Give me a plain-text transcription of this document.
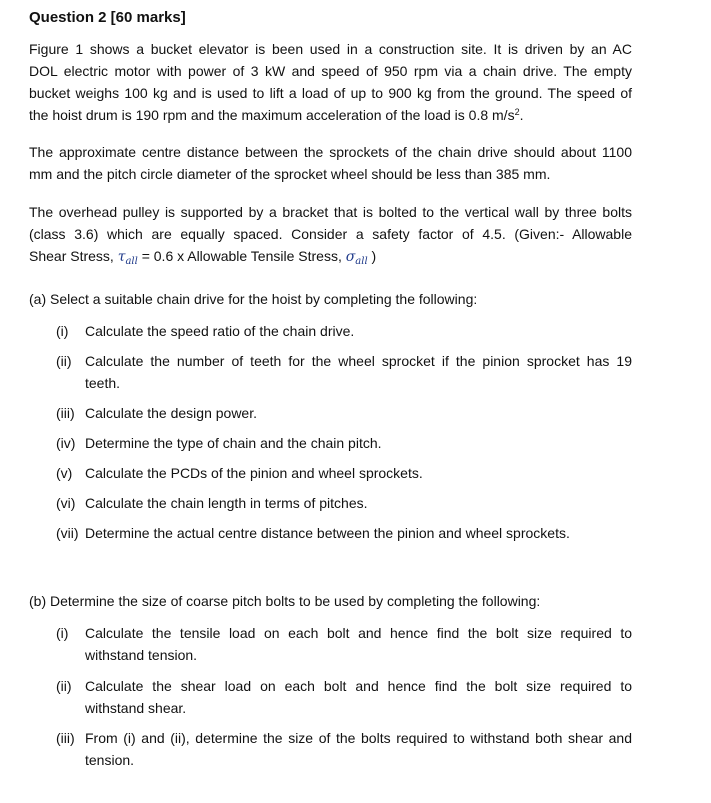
Question 2 [60 marks]
Figure 1 shows a bucket elevator is been used in a construction site. It is driven by an AC
DOL electric motor with power of 3 kW and speed of 950 rpm via a chain drive. The empty
bucket weighs 100 kg and is used to lift a load of up to 900 kg from the ground. The speed of
the hoist drum is 190 rpm and the maximum acceleration of the load is 0.8 $m/s^2$.
The approximate centre distance between the sprockets of the chain drive should about 1100
mm and the pitch circle diameter of the sprocket wheel should be less than 385 mm.
The overhead pulley is supported by a bracket that is bolted to the vertical wall by three bolts
(class 3.6) which are equally spaced. Consider a safety factor of 4.5. (Given:- Allowable
Shear Stress, $\tau_{all} = 0.6$ x Allowable Tensile Stress, $\sigma_{all}$ )
(a) Select a suitable chain drive for the hoist by completing the following:
(i) Calculate the speed ratio of the chain drive.
(ii) Calculate the number of teeth for the wheel sprocket if the pinion sprocket has 19
teeth.
(iii) Calculate the design power.
(iv) Determine the type of chain and the chain pitch.
(v) Calculate the PCDs of the pinion and wheel sprockets.
(vi) Calculate the chain length in terms of pitches.
(vii) Determine the actual centre distance between the pinion and wheel sprockets.
(b) Determine the size of coarse pitch bolts to be used by completing the following:
(i) Calculate the tensile load on each bolt and hence find the bolt size required to
withstand tension.
(ii) Calculate the shear load on each bolt and hence find the bolt size required to
withstand shear.
(iii) From (i) and (ii), determine the size of the bolts required to withstand both shear and
tension.
